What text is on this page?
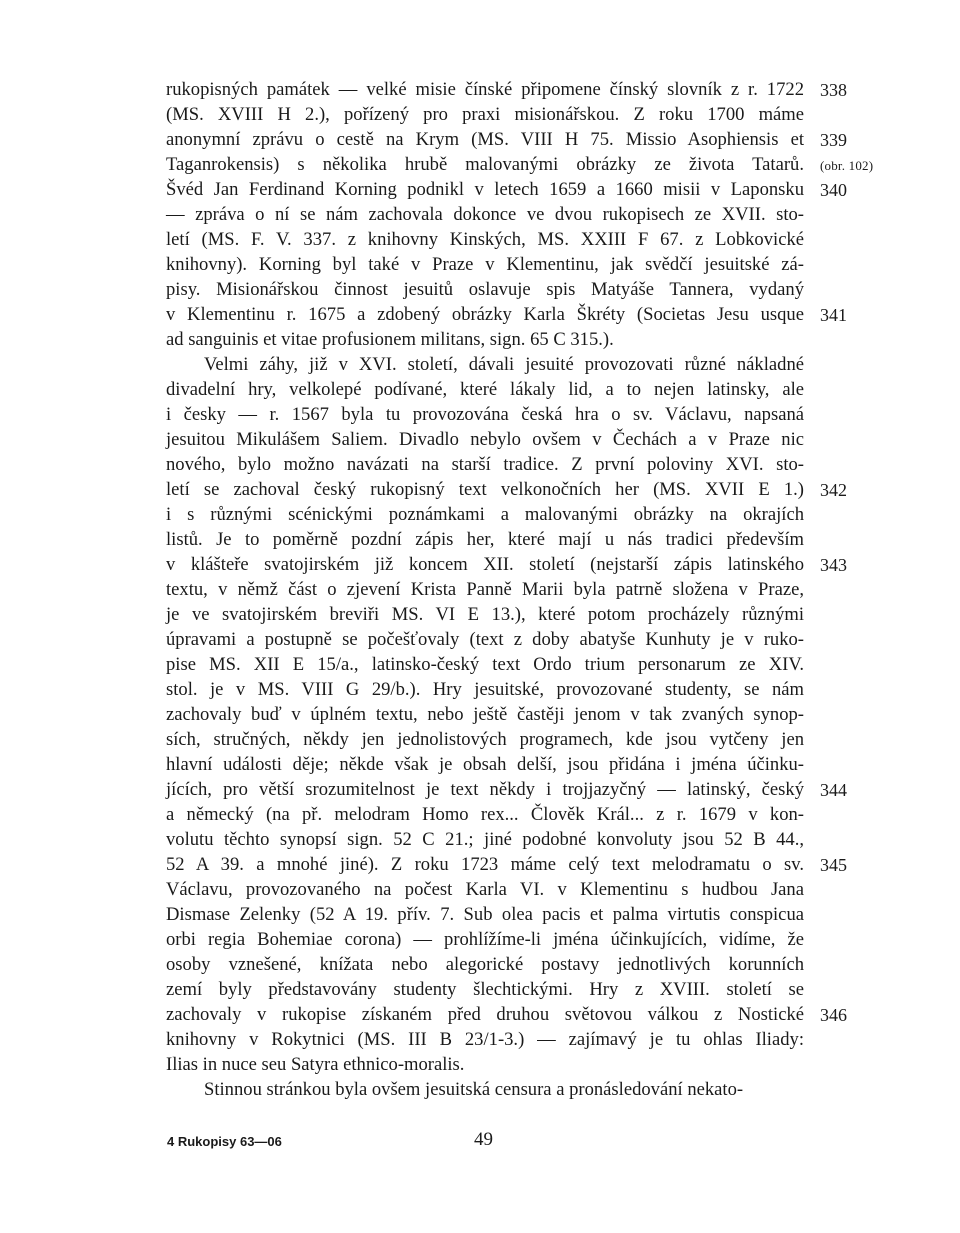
rukopisných památek — velké misie čínské připomene čínský slovník z r. 1722
(MS. XVIII H 2.), pořízený pro praxi misionářskou. Z roku 1700 máme
anonymní zprávu o cestě na Krym (MS. VIII H 75. Missio Asophiensis et
Taganrokensis) s několika hrubě malovanými obrázky ze života Tatarů.
Švéd Jan Ferdinand Korning podnikl v letech 1659 a 1660 misii v Laponsku
— zpráva o ní se nám zachovala dokonce ve dvou rukopisech ze XVII. sto-
letí (MS. F. V. 337. z knihovny Kinských, MS. XXIII F 67. z Lobkovické
knihovny). Korning byl také v Praze v Klementinu, jak svědčí jesuitské zá-
pisy. Misionářskou činnost jesuitů oslavuje spis Matyáše Tannera, vydaný
v Klementinu r. 1675 a zdobený obrázky Karla Škréty (Societas Jesu usque
ad sanguinis et vitae profusionem militans, sign. 65 C 315.).
Velmi záhy, již v XVI. století, dávali jesuité provozovati různé nákladné
divadelní hry, velkolepé podívané, které lákaly lid, a to nejen latinsky, ale
i česky — r. 1567 byla tu provozována česká hra o sv. Václavu, napsaná
jesuitou Mikulášem Saliem. Divadlo nebylo ovšem v Čechách a v Praze nic
nového, bylo možno navázati na starší tradice. Z první poloviny XVI. sto-
letí se zachoval český rukopisný text velkonočních her (MS. XVII E 1.)
i s různými scénickými poznámkami a malovanými obrázky na okrajích
listů. Je to poměrně pozdní zápis her, které mají u nás tradici především
v klášteře svatojirském již koncem XII. století (nejstarší zápis latinského
textu, v němž část o zjevení Krista Panně Marii byla patrně složena v Praze,
je ve svatojirském breviři MS. VI E 13.), které potom procházely různými
úpravami a postupně se počešťovaly (text z doby abatyše Kunhuty je v ruko-
pise MS. XII E 15/a., latinsko-český text Ordo trium personarum ze XIV.
stol. je v MS. VIII G 29/b.). Hry jesuitské, provozované studenty, se nám
zachovaly buď v úplném textu, nebo ještě častěji jenom v tak zvaných synop-
sích, stručných, někdy jen jednolistových programech, kde jsou vytčeny jen
hlavní události děje; někde však je obsah delší, jsou přidána i jména účinku-
jících, pro větší srozumitelnost je text někdy i trojjazyčný — latinský, český
a německý (na př. melodram Homo rex... Člověk Král... z r. 1679 v kon-
volutu těchto synopsí sign. 52 C 21.; jiné podobné konvoluty jsou 52 B 44.,
52 A 39. a mnohé jiné). Z roku 1723 máme celý text melodramatu o sv.
Václavu, provozovaného na počest Karla VI. v Klementinu s hudbou Jana
Dismase Zelenky (52 A 19. přív. 7. Sub olea pacis et palma virtutis conspicua
orbi regia Bohemiae corona) — prohlížíme-li jména účinkujících, vidíme, že
osoby vznešené, knížata nebo alegorické postavy jednotlivých korunních
zemí byly představovány studenty šlechtickými. Hry z XVIII. století se
zachovaly v rukopise získaném před druhou světovou válkou z Nostické
knihovny v Rokytnici (MS. III B 23/1-3.) — zajímavý je tu ohlas Iliady:
Ilias in nuce seu Satyra ethnico-moralis.
Stinnou stránkou byla ovšem jesuitská censura a pronásledování nekato-
338
339
(obr. 102)
340
341
342
343
344
345
346
4 Rukopisy 63—06	49
